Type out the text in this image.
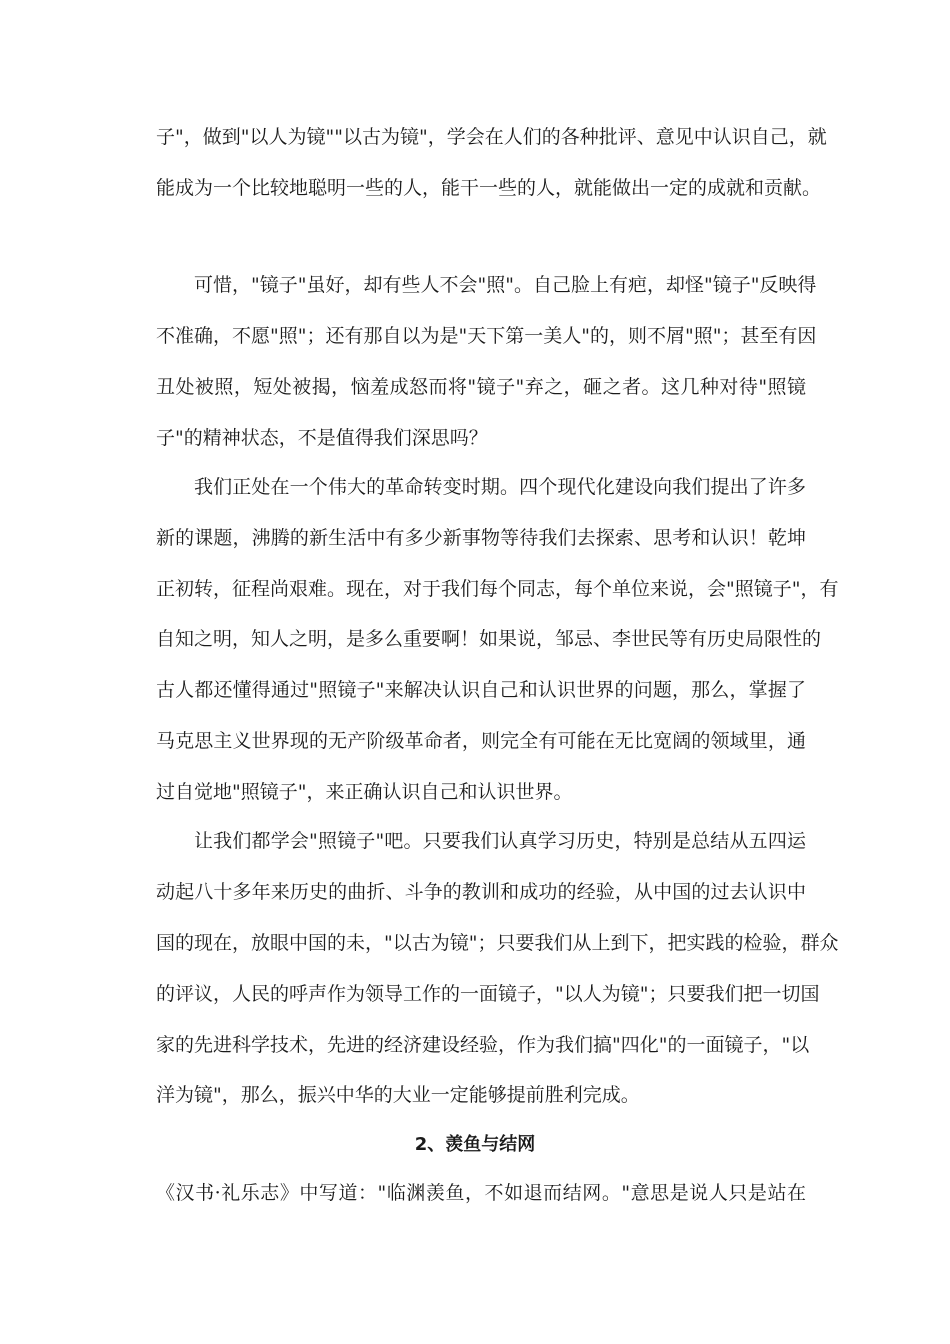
子"，做到"以人为镜""以古为镜"，学会在人们的各种批评、意见中认识自己，就
能成为一个比较地聪明一些的人，能干一些的人，就能做出一定的成就和贡献。
可惜，"镜子"虽好，却有些人不会"照"。自己脸上有疤，却怪"镜子"反映得
不准确，不愿"照"；还有那自以为是"天下第一美人"的，则不屑"照"；甚至有因
丑处被照，短处被揭，恼羞成怒而将"镜子"弃之，砸之者。这几种对待"照镜
子"的精神状态，不是值得我们深思吗？
我们正处在一个伟大的革命转变时期。四个现代化建设向我们提出了许多
新的课题，沸腾的新生活中有多少新事物等待我们去探索、思考和认识！乾坤
正初转，征程尚艰难。现在，对于我们每个同志，每个单位来说，会"照镜子"，有
自知之明，知人之明，是多么重要啊！如果说，邹忌、李世民等有历史局限性的
古人都还懂得通过"照镜子"来解决认识自己和认识世界的问题，那么，掌握了
马克思主义世界现的无产阶级革命者，则完全有可能在无比宽阔的领域里，通
过自觉地"照镜子"，来正确认识自己和认识世界。
让我们都学会"照镜子"吧。只要我们认真学习历史，特别是总结从五四运
动起八十多年来历史的曲折、斗争的教训和成功的经验，从中国的过去认识中
国的现在，放眼中国的未，"以古为镜"；只要我们从上到下，把实践的检验，群众
的评议，人民的呼声作为领导工作的一面镜子，"以人为镜"；只要我们把一切国
家的先进科学技术，先进的经济建设经验，作为我们搞"四化"的一面镜子，"以
洋为镜"，那么，振兴中华的大业一定能够提前胜利完成。
2、羡鱼与结网
《汉书·礼乐志》中写道："临渊羡鱼，不如退而结网。"意思是说人只是站在
